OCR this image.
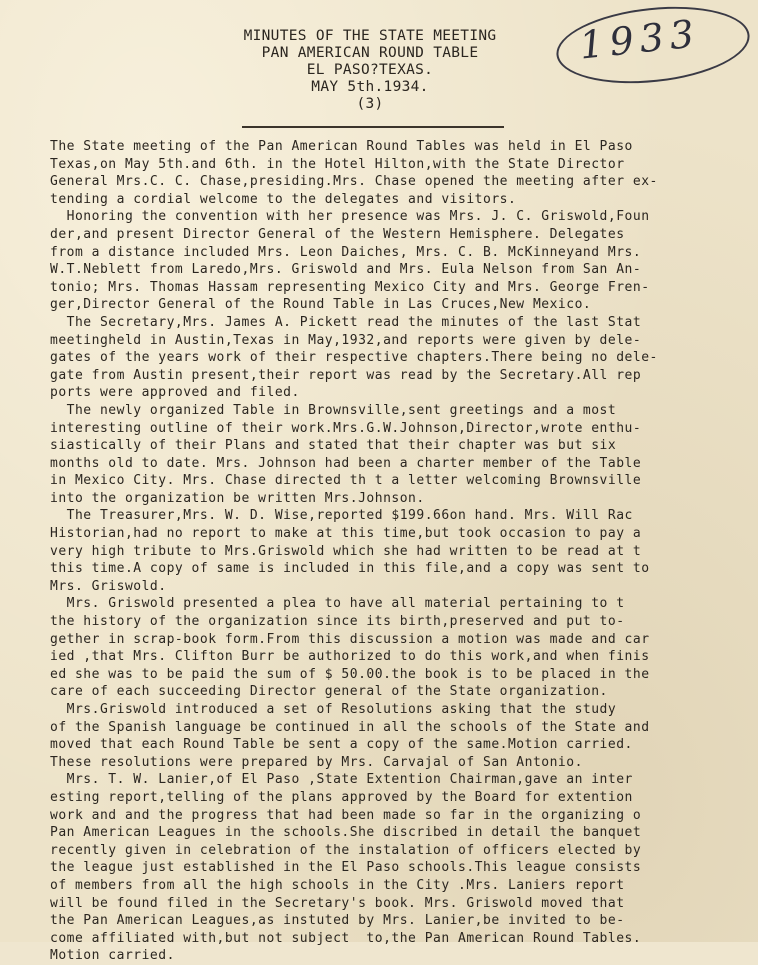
MINUTES OF THE STATE MEETING
PAN AMERICAN ROUND TABLE
EL PASO?TEXAS.
MAY 5th.1934.
(3)
1933
The State meeting of the Pan American Round Tables was held in El Paso
Texas,on May 5th.and 6th. in the Hotel Hilton,with the State Director
General Mrs.C. C. Chase,presiding.Mrs. Chase opened the meeting after ex-
tending a cordial welcome to the delegates and visitors.
Honoring the convention with her presence was Mrs. J. C. Griswold,Foun
der,and present Director General of the Western Hemisphere. Delegates
from a distance included Mrs. Leon Daiches, Mrs. C. B. McKinneyand Mrs.
W.T.Neblett from Laredo,Mrs. Griswold and Mrs. Eula Nelson from San An-
tonio; Mrs. Thomas Hassam representing Mexico City and Mrs. George Fren-
ger,Director General of the Round Table in Las Cruces,New Mexico.
The Secretary,Mrs. James A. Pickett read the minutes of the last Stat
meetingheld in Austin,Texas in May,1932,and reports were given by dele-
gates of the years work of their respective chapters.There being no dele-
gate from Austin present,their report was read by the Secretary.All rep
ports were approved and filed.
The newly organized Table in Brownsville,sent greetings and a most
interesting outline of their work.Mrs.G.W.Johnson,Director,wrote enthu-
siastically of their Plans and stated that their chapter was but six
months old to date. Mrs. Johnson had been a charter member of the Table
in Mexico City. Mrs. Chase directed th t a letter welcoming Brownsville
into the organization be written Mrs.Johnson.
The Treasurer,Mrs. W. D. Wise,reported $199.66on hand. Mrs. Will Rac
Historian,had no report to make at this time,but took occasion to pay a
very high tribute to Mrs.Griswold which she had written to be read at t
this time.A copy of same is included in this file,and a copy was sent to
Mrs. Griswold.
Mrs. Griswold presented a plea to have all material pertaining to t
the history of the organization since its birth,preserved and put to-
gether in scrap-book form.From this discussion a motion was made and car
ied ,that Mrs. Clifton Burr be authorized to do this work,and when finis
ed she was to be paid the sum of $ 50.00.the book is to be placed in the
care of each succeeding Director general of the State organization.
Mrs.Griswold introduced a set of Resolutions asking that the study
of the Spanish language be continued in all the schools of the State and
moved that each Round Table be sent a copy of the same.Motion carried.
These resolutions were prepared by Mrs. Carvajal of San Antonio.
Mrs. T. W. Lanier,of El Paso ,State Extention Chairman,gave an inter
esting report,telling of the plans approved by the Board for extention
work and and the progress that had been made so far in the organizing o
Pan American Leagues in the schools.She discribed in detail the banquet
recently given in celebration of the instalation of officers elected by
the league just established in the El Paso schools.This league consists
of members from all the high schools in the City .Mrs. Laniers report
will be found filed in the Secretary's book. Mrs. Griswold moved that
the Pan American Leagues,as instuted by Mrs. Lanier,be invited to be-
come affiliated with,but not subject  to,the Pan American Round Tables.
Motion carried.
